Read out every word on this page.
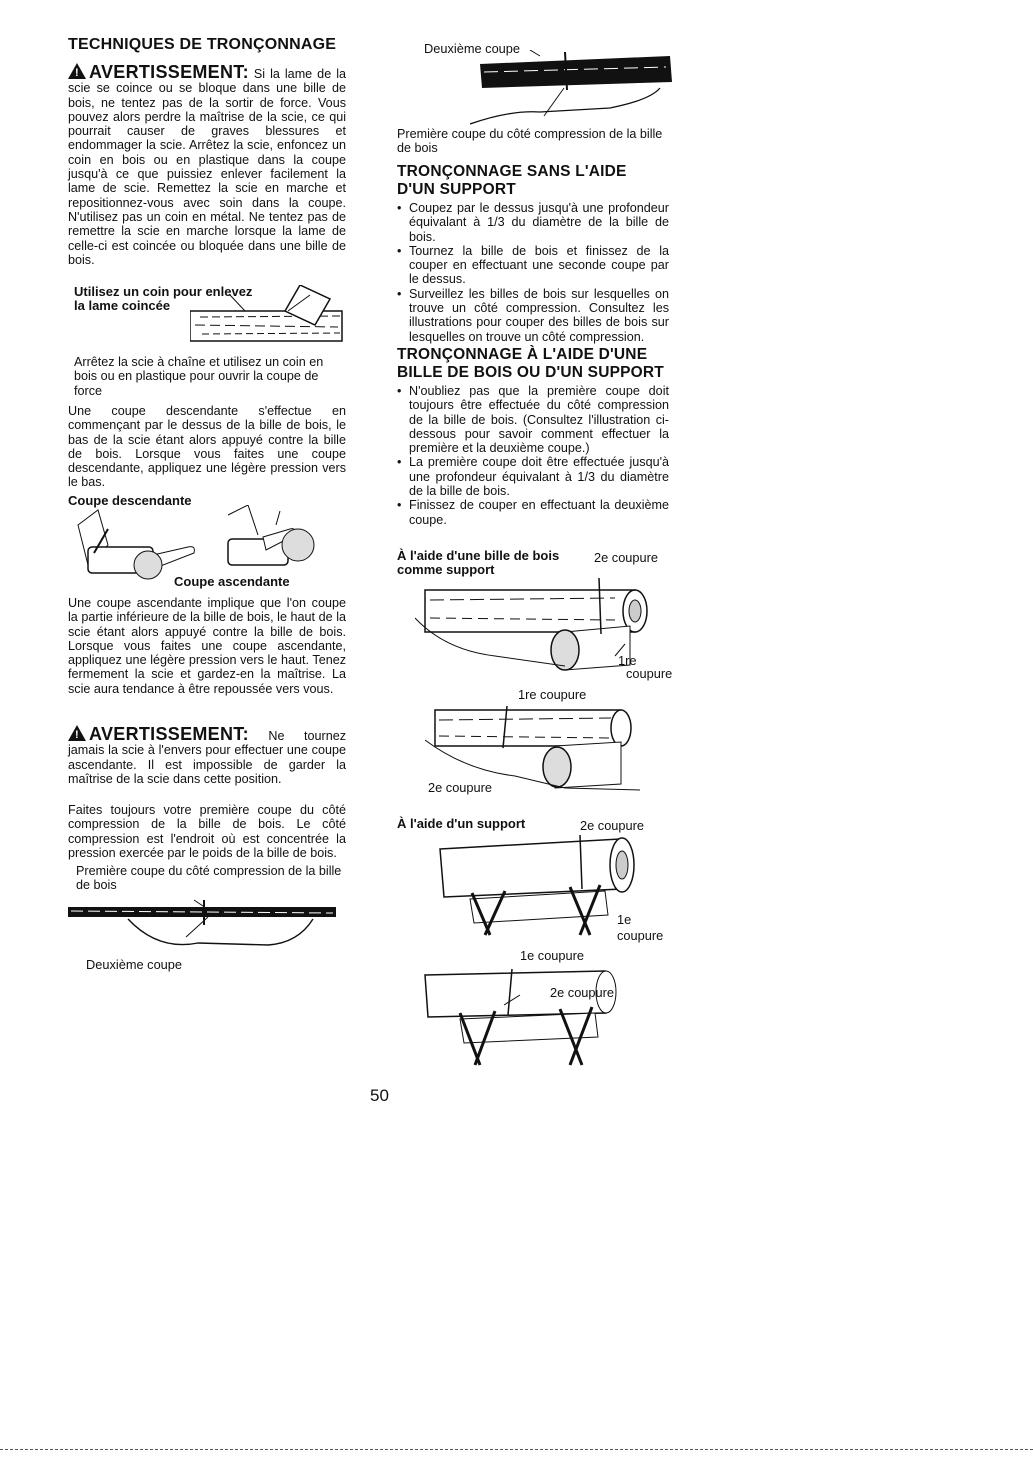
TECHNIQUES DE TRONÇONNAGE

!AVERTISSEMENT: Si la lame de la scie se coince ou se bloque dans une bille de bois, ne tentez pas de la sortir de force. Vous pouvez alors perdre la maîtrise de la scie, ce qui pourrait causer de graves blessures et endommager la scie. Arrêtez la scie, enfoncez un coin en bois ou en plastique dans la coupe jusqu'à ce que puissiez enlever facilement la lame de scie. Remettez la scie en marche et repositionnez-vous avec soin dans la coupe. N'utilisez pas un coin en métal. Ne tentez pas de remettre la scie en marche lorsque la lame de celle-ci est coincée ou bloquée dans une bille de bois.

Utilisez un coin pour enlevez
la lame coincée
Arrêtez la scie à chaîne et utilisez un coin en bois ou en plastique pour ouvrir la coupe de force
Une coupe descendante s'effectue en commençant par le dessus de la bille de bois, le bas de la scie étant alors appuyé contre la bille de bois. Lorsque vous faites une coupe descendante, appliquez une légère pression vers le bas.
Coupe descendante
Coupe ascendante
Une coupe ascendante implique que l'on coupe la partie inférieure de la bille de bois, le haut de la scie étant alors appuyé contre la bille de bois. Lorsque vous faites une coupe ascendante, appliquez une légère pression vers le haut. Tenez fermement la scie et gardez-en la maîtrise. La scie aura tendance à être repoussée vers vous.

!AVERTISSEMENT: Ne tournez jamais la scie à l'envers pour effectuer une coupe ascendante. Il est impossible de garder la maîtrise de la scie dans cette position.

Faites toujours votre première coupe du côté compression de la bille de bois. Le côté compression est l'endroit où est concentrée la pression exercée par le poids de la bille de bois.
Première coupe du côté compression de la bille de bois
Deuxième coupe
Deuxième coupe
Première coupe du côté compression de la bille de bois
TRONÇONNAGE SANS L'AIDE D'UN SUPPORT
• Coupez par le dessus jusqu'à une profondeur équivalant à 1/3 du diamètre de la bille de bois.
• Tournez la bille de bois et finissez de la couper en effectuant une seconde coupe par le dessus.
• Surveillez les billes de bois sur lesquelles on trouve un côté compression. Consultez les illustrations pour couper des billes de bois sur lesquelles on trouve un côté compression.
TRONÇONNAGE À L'AIDE D'UNE BILLE DE BOIS OU D'UN SUPPORT
• N'oubliez pas que la première coupe doit toujours être effectuée du côté compression de la bille de bois. (Consultez l'illustration ci-dessous pour savoir comment effectuer la première et la deuxième coupe.)
• La première coupe doit être effectuée jusqu'à une profondeur équivalant à 1/3 du diamètre de la bille de bois.
• Finissez de couper en effectuant la deuxième coupe.
À l'aide d'une bille de bois
comme support
2e coupure
1re
coupure
1re coupure
2e coupure
À l'aide d'un support	2e coupure
1e
coupure
1e coupure
2e coupure
50
